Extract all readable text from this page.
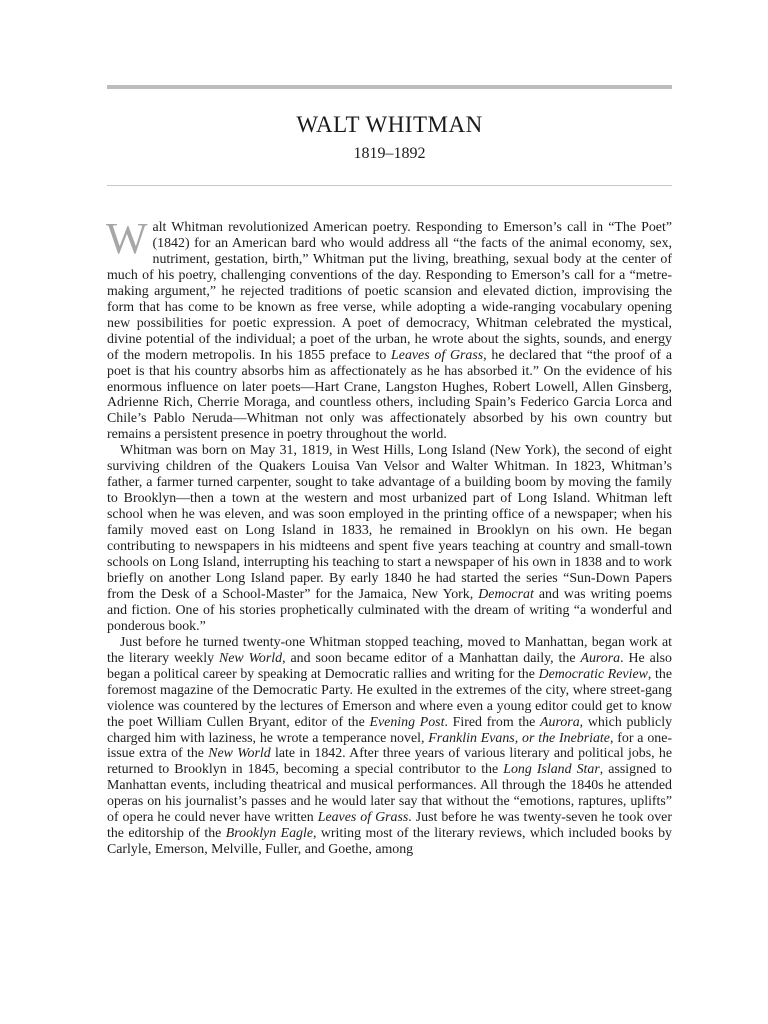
WALT WHITMAN
1819–1892

Walt Whitman revolutionized American poetry. Responding to Emerson’s call in “The Poet” (1842) for an American bard who would address all “the facts of the animal economy, sex, nutriment, gestation, birth,” Whitman put the living, breathing, sexual body at the center of much of his poetry, challenging conventions of the day. Responding to Emerson’s call for a “metre-making argument,” he rejected traditions of poetic scansion and elevated diction, improvising the form that has come to be known as free verse, while adopting a wide-ranging vocabulary opening new possibilities for poetic expression. A poet of democracy, Whitman celebrated the mystical, divine potential of the individual; a poet of the urban, he wrote about the sights, sounds, and energy of the modern metropolis. In his 1855 preface to Leaves of Grass, he declared that “the proof of a poet is that his country absorbs him as affectionately as he has absorbed it.” On the evidence of his enormous influence on later poets—Hart Crane, Langston Hughes, Robert Lowell, Allen Ginsberg, Adrienne Rich, Cherrie Moraga, and countless others, including Spain’s Federico Garcia Lorca and Chile’s Pablo Neruda—Whitman not only was affectionately absorbed by his own country but remains a persistent presence in poetry throughout the world.

Whitman was born on May 31, 1819, in West Hills, Long Island (New York), the second of eight surviving children of the Quakers Louisa Van Velsor and Walter Whitman. In 1823, Whitman’s father, a farmer turned carpenter, sought to take advantage of a building boom by moving the family to Brooklyn—then a town at the western and most urbanized part of Long Island. Whitman left school when he was eleven, and was soon employed in the printing office of a newspaper; when his family moved east on Long Island in 1833, he remained in Brooklyn on his own. He began contributing to newspapers in his midteens and spent five years teaching at country and small-town schools on Long Island, interrupting his teaching to start a newspaper of his own in 1838 and to work briefly on another Long Island paper. By early 1840 he had started the series “Sun-Down Papers from the Desk of a School-Master” for the Jamaica, New York, Democrat and was writing poems and fiction. One of his stories prophetically culminated with the dream of writing “a wonderful and ponderous book.”

Just before he turned twenty-one Whitman stopped teaching, moved to Manhattan, began work at the literary weekly New World, and soon became editor of a Manhattan daily, the Aurora. He also began a political career by speaking at Democratic rallies and writing for the Democratic Review, the foremost magazine of the Democratic Party. He exulted in the extremes of the city, where street-gang violence was countered by the lectures of Emerson and where even a young editor could get to know the poet William Cullen Bryant, editor of the Evening Post. Fired from the Aurora, which publicly charged him with laziness, he wrote a temperance novel, Franklin Evans, or the Inebriate, for a one-issue extra of the New World late in 1842. After three years of various literary and political jobs, he returned to Brooklyn in 1845, becoming a special contributor to the Long Island Star, assigned to Manhattan events, including theatrical and musical performances. All through the 1840s he attended operas on his journalist’s passes and he would later say that without the “emotions, raptures, uplifts” of opera he could never have written Leaves of Grass. Just before he was twenty-seven he took over the editorship of the Brooklyn Eagle, writing most of the literary reviews, which included books by Carlyle, Emerson, Melville, Fuller, and Goethe, among
